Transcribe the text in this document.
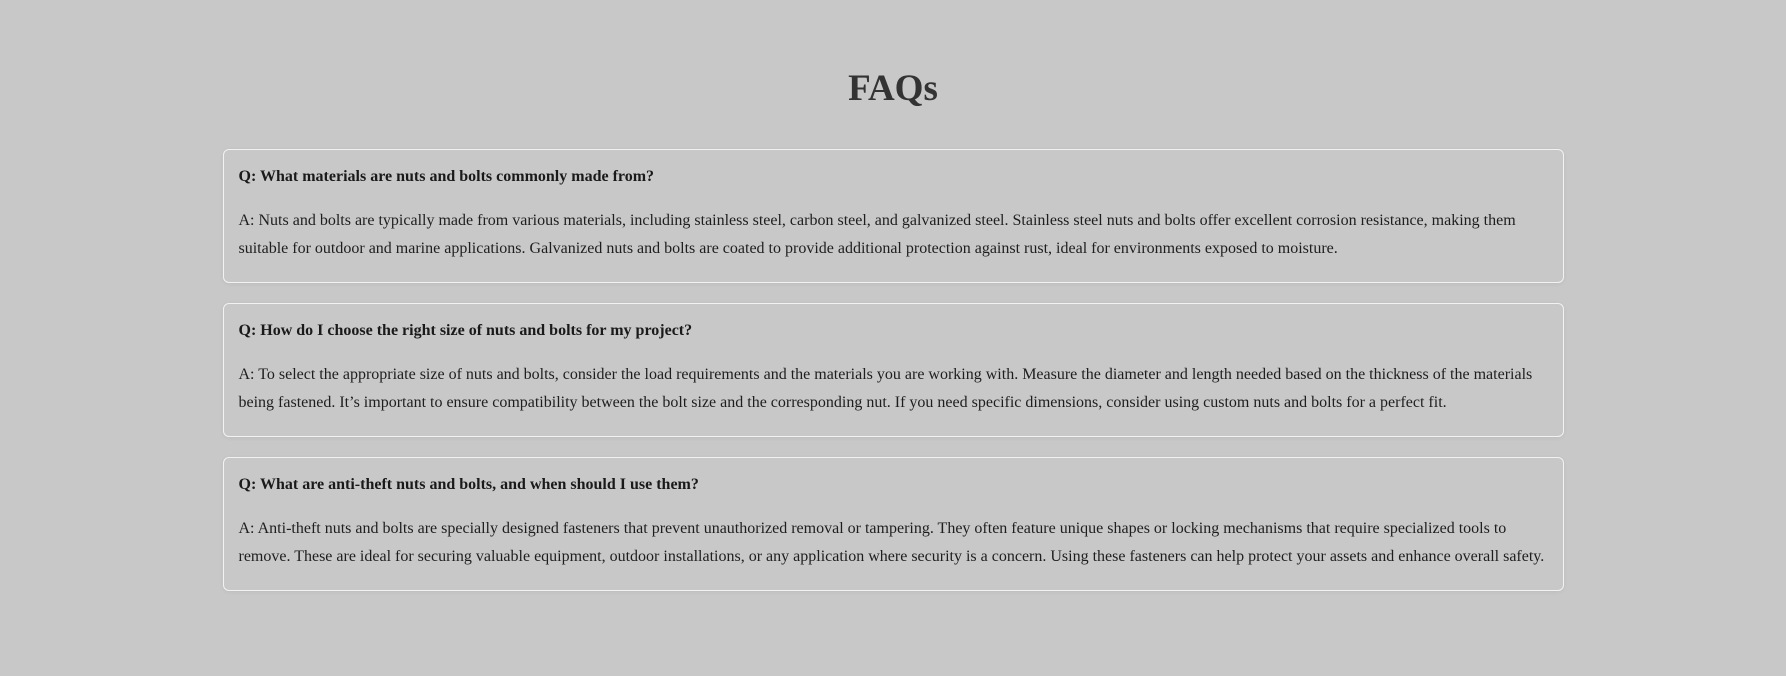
FAQs

Q: What materials are nuts and bolts commonly made from?

A: Nuts and bolts are typically made from various materials, including stainless steel, carbon steel, and galvanized steel. Stainless steel nuts and bolts offer excellent corrosion resistance, making them suitable for outdoor and marine applications. Galvanized nuts and bolts are coated to provide additional protection against rust, ideal for environments exposed to moisture.

Q: How do I choose the right size of nuts and bolts for my project?

A: To select the appropriate size of nuts and bolts, consider the load requirements and the materials you are working with. Measure the diameter and length needed based on the thickness of the materials being fastened. It’s important to ensure compatibility between the bolt size and the corresponding nut. If you need specific dimensions, consider using custom nuts and bolts for a perfect fit.

Q: What are anti-theft nuts and bolts, and when should I use them?

A: Anti-theft nuts and bolts are specially designed fasteners that prevent unauthorized removal or tampering. They often feature unique shapes or locking mechanisms that require specialized tools to remove. These are ideal for securing valuable equipment, outdoor installations, or any application where security is a concern. Using these fasteners can help protect your assets and enhance overall safety.
